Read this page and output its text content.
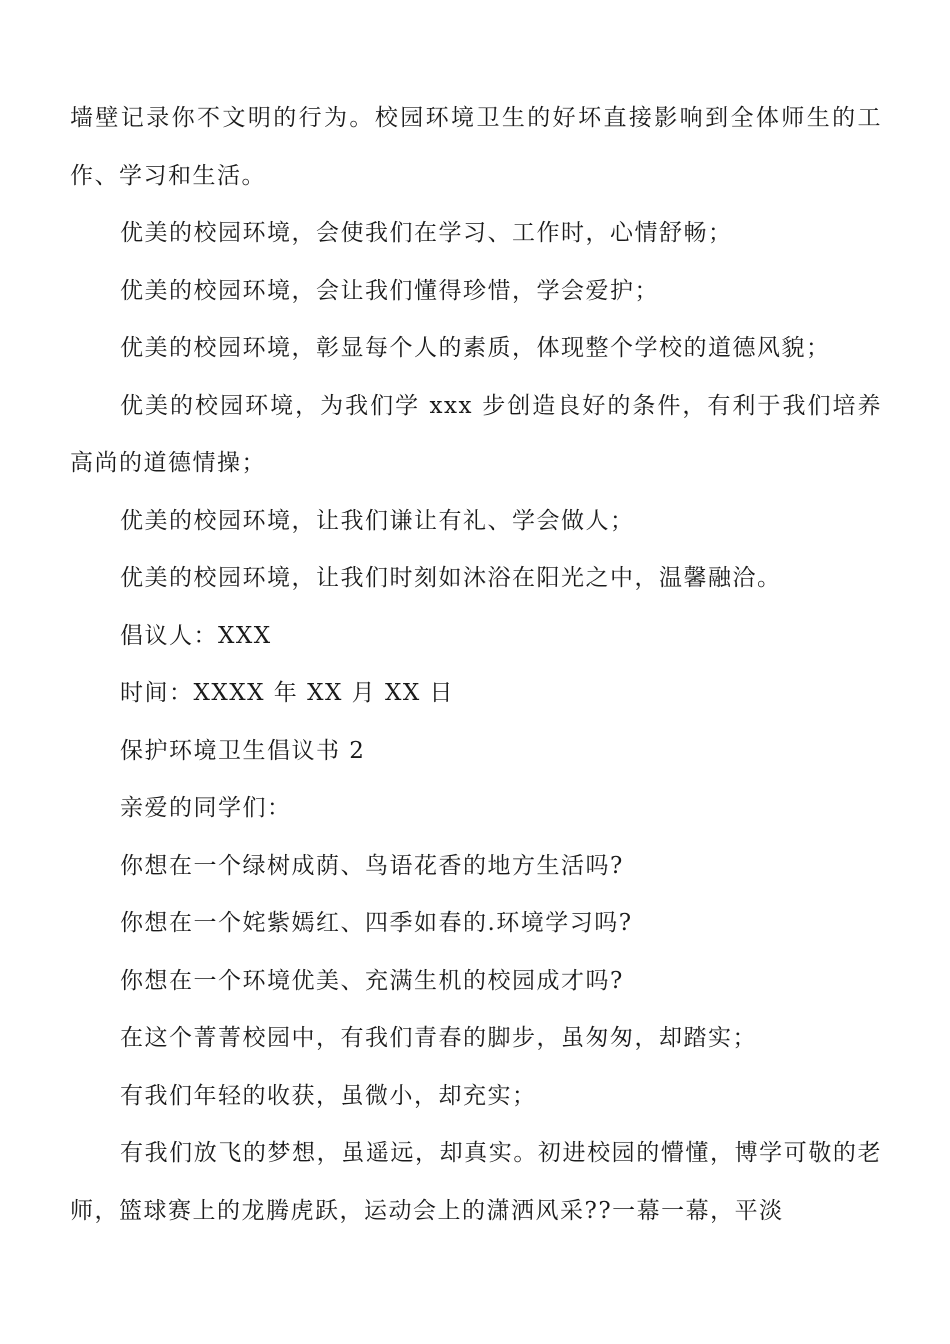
墙壁记录你不文明的行为。校园环境卫生的好坏直接影响到全体师生的工作、学习和生活。

优美的校园环境，会使我们在学习、工作时，心情舒畅；

优美的校园环境，会让我们懂得珍惜，学会爱护；

优美的校园环境，彰显每个人的素质，体现整个学校的道德风貌；

优美的校园环境，为我们学 xxx 步创造良好的条件，有利于我们培养高尚的道德情操；

优美的校园环境，让我们谦让有礼、学会做人；

优美的校园环境，让我们时刻如沐浴在阳光之中，温馨融洽。

倡议人：XXX

时间：XXXX 年 XX 月 XX 日

保护环境卫生倡议书 2

亲爱的同学们：

你想在一个绿树成荫、鸟语花香的地方生活吗?

你想在一个姹紫嫣红、四季如春的.环境学习吗?

你想在一个环境优美、充满生机的校园成才吗?

在这个菁菁校园中，有我们青春的脚步，虽匆匆，却踏实；

有我们年轻的收获，虽微小，却充实；

有我们放飞的梦想，虽遥远，却真实。初进校园的懵懂，博学可敬的老师，篮球赛上的龙腾虎跃，运动会上的潇洒风采??一幕一幕，平淡
